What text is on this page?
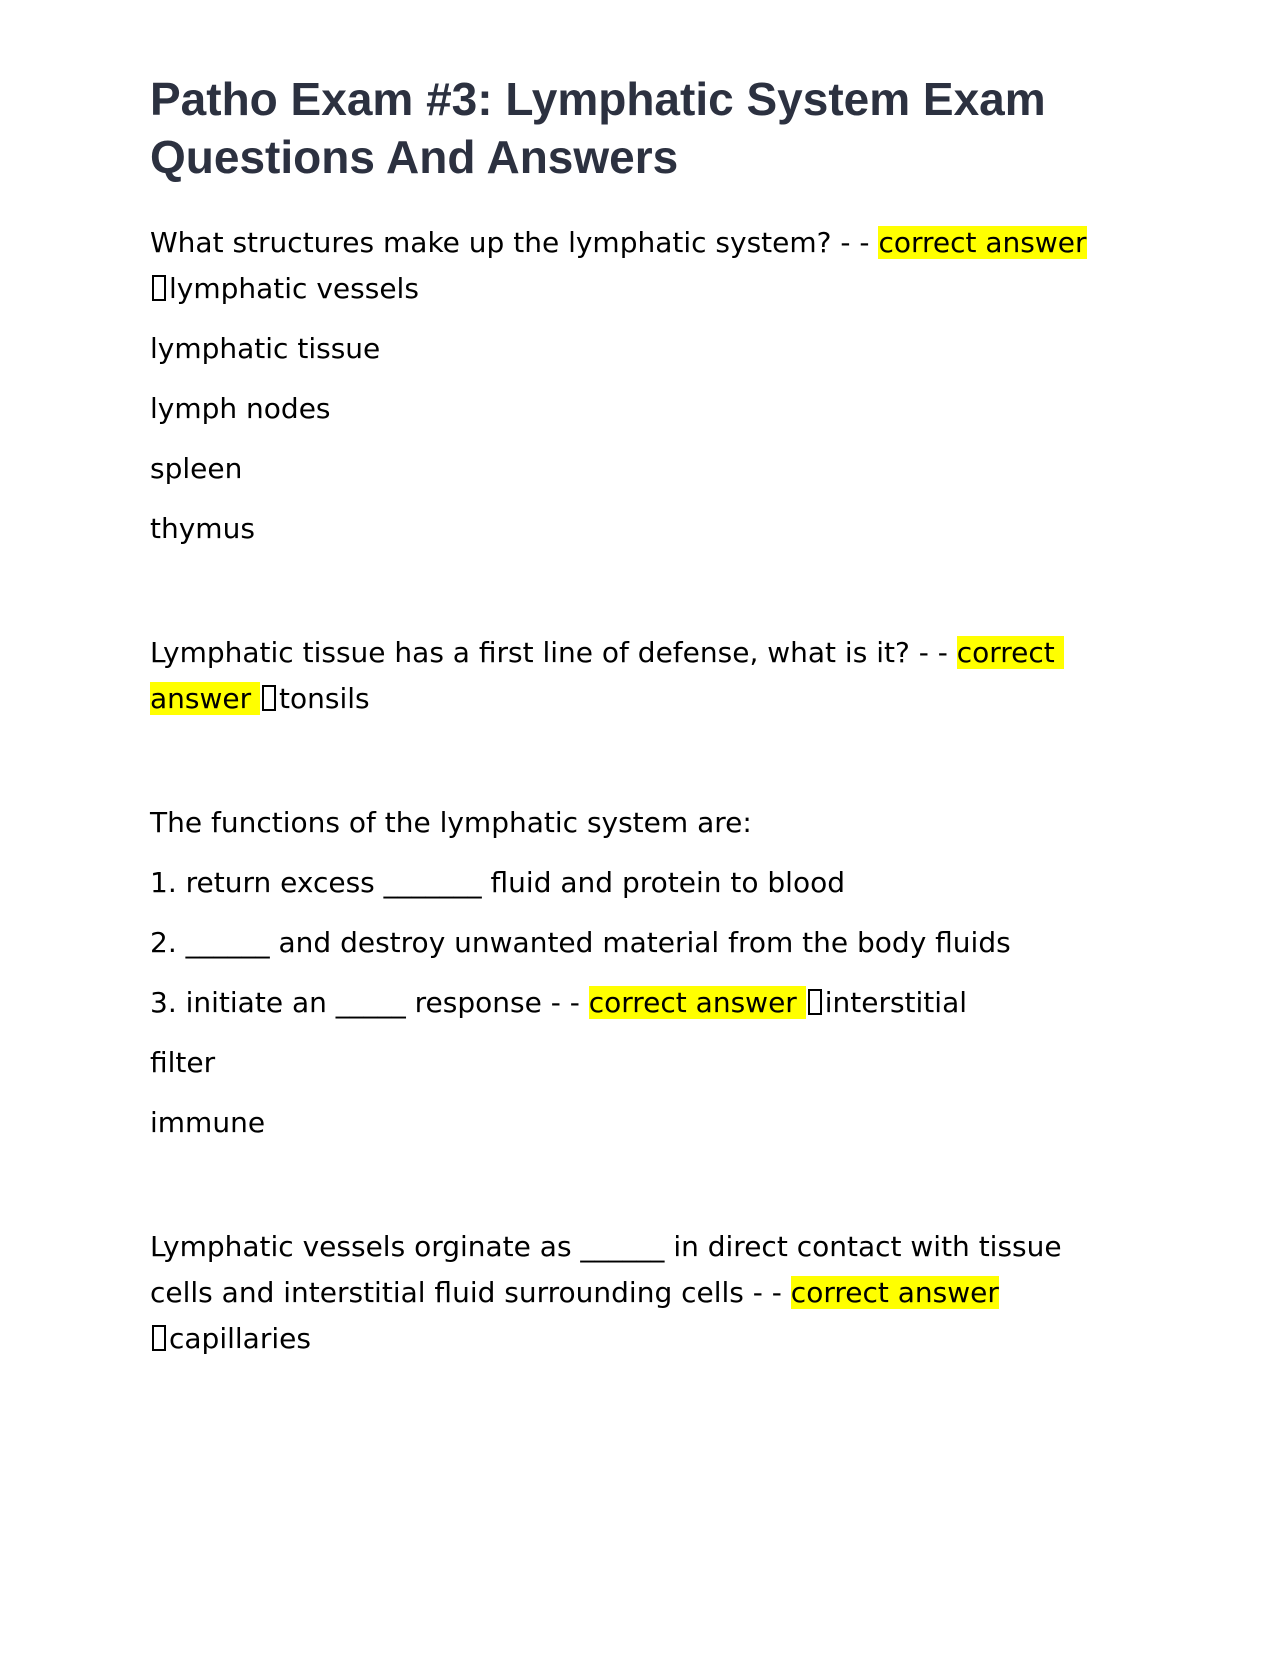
Patho Exam #3: Lymphatic System Exam Questions And Answers

What structures make up the lymphatic system? - - correct answer
lymphatic vessels

lymphatic tissue

lymph nodes

spleen

thymus

Lymphatic tissue has a first line of defense, what is it? - - correct answer tonsils

The functions of the lymphatic system are:

1. return excess _______ fluid and protein to blood

2. ______ and destroy unwanted material from the body fluids

3. initiate an _____ response - - correct answer interstitial

filter

immune

Lymphatic vessels orginate as ______ in direct contact with tissue cells and interstitial fluid surrounding cells - - correct answer
capillaries
